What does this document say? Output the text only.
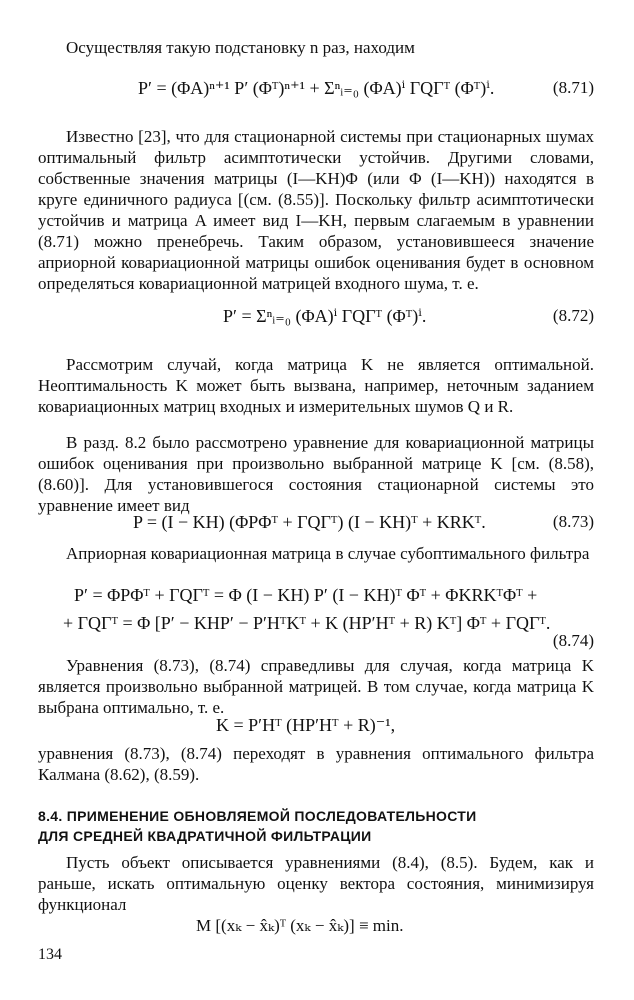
Осуществляя такую подстановку n раз, находим

P′ = (ΦA)ⁿ⁺¹ P′ (Φᵀ)ⁿ⁺¹ + Σⁿᵢ₌₀ (ΦA)ⁱ ΓQΓᵀ (Φᵀ)ⁱ.	(8.71)

Известно [23], что для стационарной системы при стационарных шумах оптимальный фильтр асимптотически устойчив. Другими словами, собственные значения матрицы (I—KH)Φ (или Φ (I—KH)) находятся в круге единичного радиуса [(см. (8.55)]. Поскольку фильтр асимптотически устойчив и матрица A имеет вид I—KH, первым слагаемым в уравнении (8.71) можно пренебречь. Таким образом, установившееся значение априорной ковариационной матрицы ошибок оценивания будет в основном определяться ковариационной матрицей входного шума, т. е.

P′ = Σⁿᵢ₌₀ (ΦA)ⁱ ΓQΓᵀ (Φᵀ)ⁱ.	(8.72)

Рассмотрим случай, когда матрица K не является оптимальной. Неоптимальность K может быть вызвана, например, неточным заданием ковариационных матриц входных и измерительных шумов Q и R.

В разд. 8.2 было рассмотрено уравнение для ковариационной матрицы ошибок оценивания при произвольно выбранной матрице K [см. (8.58), (8.60)]. Для установившегося состояния стационарной системы это уравнение имеет вид

P = (I − KH) (ΦPΦᵀ + ΓQΓᵀ) (I − KH)ᵀ + KRKᵀ.	(8.73)

Априорная ковариационная матрица в случае субоптимального фильтра

P′ = ΦPΦᵀ + ΓQΓᵀ = Φ (I − KH) P′ (I − KH)ᵀ Φᵀ + ΦKRKᵀΦᵀ +
+ ΓQΓᵀ = Φ [P′ − KHP′ − P′HᵀKᵀ + K (HP′Hᵀ + R) Kᵀ] Φᵀ + ΓQΓᵀ.
(8.74)

Уравнения (8.73), (8.74) справедливы для случая, когда матрица K является произвольно выбранной матрицей. В том случае, когда матрица K выбрана оптимально, т. е.

K = P′Hᵀ (HP′Hᵀ + R)⁻¹,

уравнения (8.73), (8.74) переходят в уравнения оптимального фильтра Калмана (8.62), (8.59).

8.4. ПРИМЕНЕНИЕ ОБНОВЛЯЕМОЙ ПОСЛЕДОВАТЕЛЬНОСТИ

ДЛЯ СРЕДНЕЙ КВАДРАТИЧНОЙ ФИЛЬТРАЦИИ

Пусть объект описывается уравнениями (8.4), (8.5). Будем, как и раньше, искать оптимальную оценку вектора состояния, минимизируя функционал

M [(xₖ − x̂ₖ)ᵀ (xₖ − x̂ₖ)] ≡ min.
134
